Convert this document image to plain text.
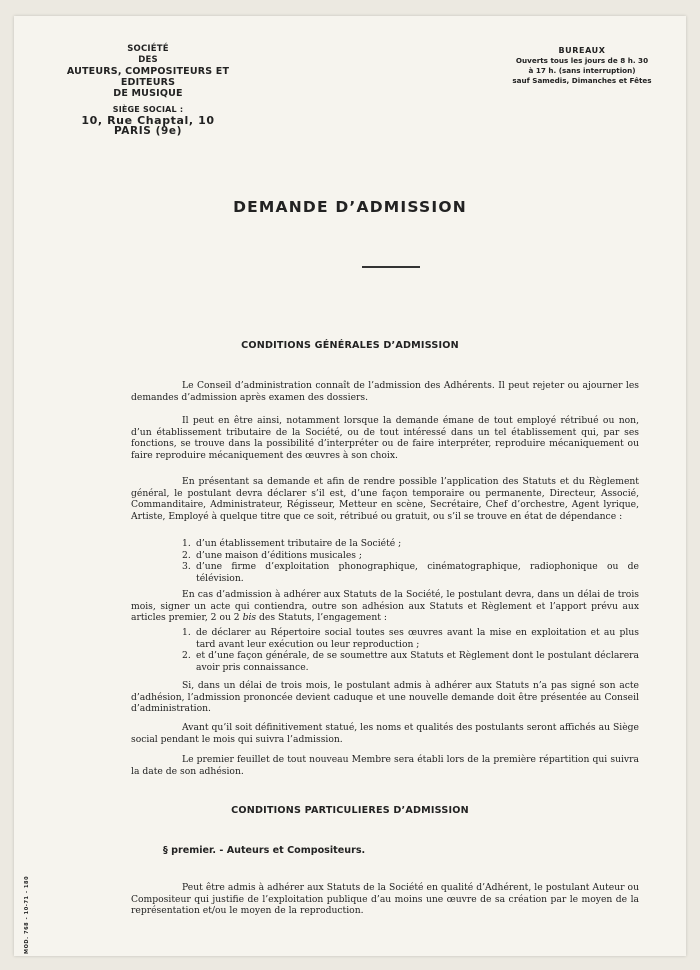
SOCIÉTÉ
DES
AUTEURS, COMPOSITEURS ET EDITEURS
DE MUSIQUE
SIÈGE SOCIAL :
10, Rue Chaptal, 10
PARIS (9e)
BUREAUX
Ouverts tous les jours de 8 h. 30
à 17 h. (sans interruption)
sauf Samedis, Dimanches et Fêtes
DEMANDE D’ADMISSION
CONDITIONS GÉNÉRALES D’ADMISSION

Le Conseil d’administration connaît de l’admission des Adhérents. Il peut rejeter ou ajourner les demandes d’admission après examen des dossiers.

Il peut en être ainsi, notamment lorsque la demande émane de tout employé rétribué ou non, d’un établissement tributaire de la Société, ou de tout intéressé dans un tel établissement qui, par ses fonctions, se trouve dans la possibilité d’interpréter ou de faire interpréter, reproduire mécaniquement ou faire reproduire mécaniquement des œuvres à son choix.

En présentant sa demande et afin de rendre possible l’application des Statuts et du Règlement général, le postulant devra déclarer s’il est, d’une façon temporaire ou permanente, Directeur, Associé, Commanditaire, Administrateur, Régisseur, Metteur en scène, Secrétaire, Chef d’orchestre, Agent lyrique, Artiste, Employé à quelque titre que ce soit, rétribué ou gratuit, ou s’il se trouve en état de dépendance :

1. d’un établissement tributaire de la Société ;
2. d’une maison d’éditions musicales ;
3. d’une firme d’exploitation phonographique, cinématographique, radiophonique ou de télévision.

En cas d’admission à adhérer aux Statuts de la Société, le postulant devra, dans un délai de trois mois, signer un acte qui contiendra, outre son adhésion aux Statuts et Règlement et l’apport prévu aux articles premier, 2 ou 2 bis des Statuts, l’engagement :

1. de déclarer au Répertoire social toutes ses œuvres avant la mise en exploitation et au plus tard avant leur exécution ou leur reproduction ;
2. et d’une façon générale, de se soumettre aux Statuts et Règlement dont le postulant déclarera avoir pris connaissance.

Si, dans un délai de trois mois, le postulant admis à adhérer aux Statuts n’a pas signé son acte d’adhésion, l’admission prononcée devient caduque et une nouvelle demande doit être présentée au Conseil d’administration.

Avant qu’il soit définitivement statué, les noms et qualités des postulants seront affichés au Siège social pendant le mois qui suivra l’admission.

Le premier feuillet de tout nouveau Membre sera établi lors de la première répartition qui suivra la date de son adhésion.

CONDITIONS PARTICULIERES D’ADMISSION
§ premier. - Auteurs et Compositeurs.

Peut être admis à adhérer aux Statuts de la Société en qualité d’Adhérent, le postulant Auteur ou Compositeur qui justifie de l’exploitation publique d’au moins une œuvre de sa création par le moyen de la représentation et/ou le moyen de la reproduction.

MOD. 768 - 10-71 - 180
